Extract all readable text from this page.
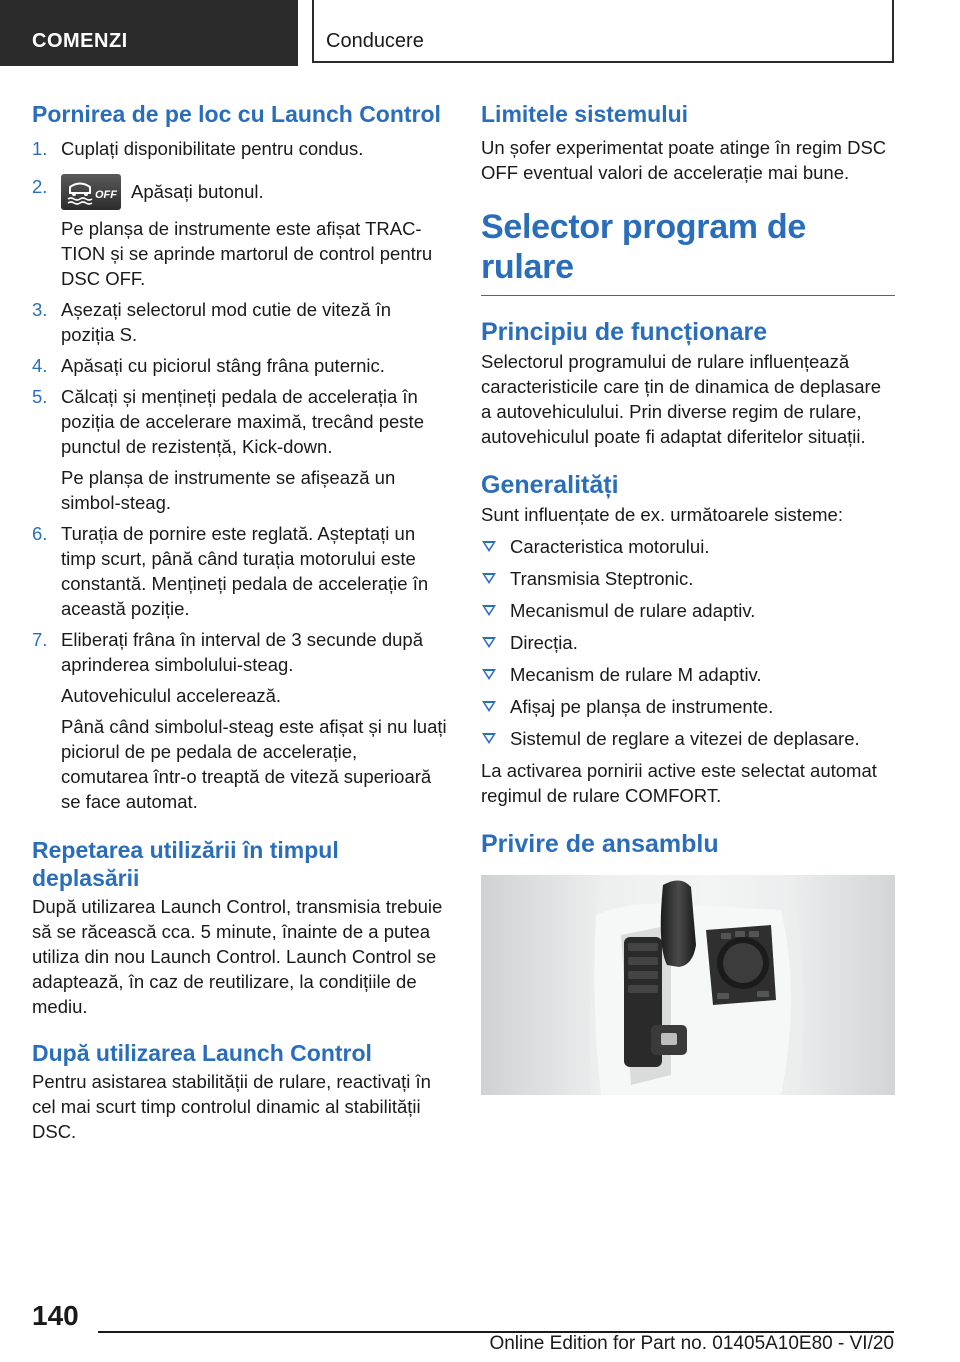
COMENZI	Conducere
Pornirea de pe loc cu Launch Control
1. Cuplați disponibilitate pentru condus.

2.	OFF Apăsați butonul.

Pe planșa de instrumente este afișat TRAC-TION și se aprinde martorul de control pentru DSC OFF.

3. Așezați selectorul mod cutie de viteză în poziția S.

4. Apăsați cu piciorul stâng frâna puternic.

5. Călcați și mențineți pedala de accelerația în poziția de accelerare maximă, trecând peste punctul de rezistență, Kick-down.

Pe planșa de instrumente se afișează un simbol-steag.

6. Turația de pornire este reglată. Așteptați un timp scurt, până când turația motorului este constantă. Mențineți pedala de accelerație în această poziție.

7. Eliberați frâna în interval de 3 secunde după aprinderea simbolului-steag.

Autovehiculul accelerează.

Până când simbolul-steag este afișat și nu luați piciorul de pe pedala de accelerație, comutarea într-o treaptă de viteză superioară se face automat.

Repetarea utilizării în timpul deplasării

După utilizarea Launch Control, transmisia trebuie să se răcească cca. 5 minute, înainte de a putea utiliza din nou Launch Control. Launch Control se adaptează, în caz de reutilizare, la condițiile de mediu.

După utilizarea Launch Control

Pentru asistarea stabilității de rulare, reactivați în cel mai scurt timp controlul dinamic al stabilității DSC.

Limitele sistemului

Un șofer experimentat poate atinge în regim DSC OFF eventual valori de accelerație mai bune.

Selector program de rulare
Principiu de funcționare

Selectorul programului de rulare influențează caracteristicile care țin de dinamica de deplasare a autovehiculului. Prin diverse regim de rulare, autovehiculul poate fi adaptat diferitelor situații.

Generalități

Sunt influențate de ex. următoarele sisteme:

Caracteristica motorului.

Transmisia Steptronic.

Mecanismul de rulare adaptiv.

Direcția.

Mecanism de rulare M adaptiv.

Afișaj pe planșa de instrumente.

Sistemul de reglare a vitezei de deplasare.

La activarea pornirii active este selectat automat regimul de rulare COMFORT.

Privire de ansamblu
140
Online Edition for Part no. 01405A10E80 - VI/20
